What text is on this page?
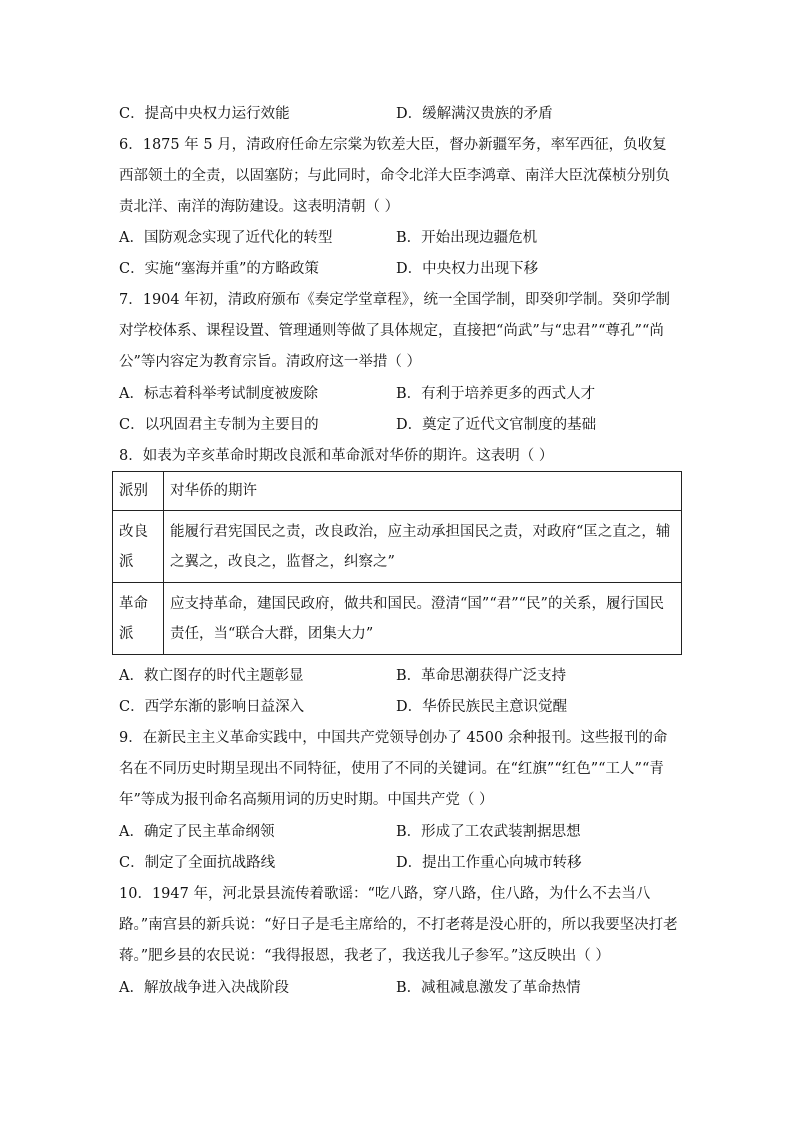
C．提高中央权力运行效能	D．缓解满汉贵族的矛盾
6．1875 年 5 月，清政府任命左宗棠为钦差大臣，督办新疆军务，率军西征，负收复西部领土的全责，以固塞防；与此同时，命令北洋大臣李鸿章、南洋大臣沈葆桢分别负责北洋、南洋的海防建设。这表明清朝（ ）
A．国防观念实现了近代化的转型	B．开始出现边疆危机
C．实施“塞海并重”的方略政策	D．中央权力出现下移
7．1904 年初，清政府颁布《奏定学堂章程》，统一全国学制，即癸卯学制。癸卯学制对学校体系、课程设置、管理通则等做了具体规定，直接把“尚武”与“忠君”“尊孔”“尚公”等内容定为教育宗旨。清政府这一举措（ ）
A．标志着科举考试制度被废除	B．有利于培养更多的西式人才
C．以巩固君主专制为主要目的	D．奠定了近代文官制度的基础
8．如表为辛亥革命时期改良派和革命派对华侨的期许。这表明（ ）
派别	对华侨的期许
改良派	能履行君宪国民之责，改良政治，应主动承担国民之责，对政府“匡之直之，辅之翼之，改良之，监督之，纠察之”
革命派	应支持革命，建国民政府，做共和国民。澄清“国”“君”“民”的关系，履行国民责任，当“联合大群，团集大力”
A．救亡图存的时代主题彰显	B．革命思潮获得广泛支持
C．西学东渐的影响日益深入	D．华侨民族民主意识觉醒
9．在新民主主义革命实践中，中国共产党领导创办了 4500 余种报刊。这些报刊的命名在不同历史时期呈现出不同特征，使用了不同的关键词。在“红旗”“红色”“工人”“青年”等成为报刊命名高频用词的历史时期。中国共产党（ ）
A．确定了民主革命纲领	B．形成了工农武装割据思想
C．制定了全面抗战路线	D．提出工作重心向城市转移
10．1947 年，河北景县流传着歌谣：“吃八路，穿八路，住八路，为什么不去当八路。”南宫县的新兵说：“好日子是毛主席给的，不打老蒋是没心肝的，所以我要坚决打老蒋。”肥乡县的农民说：“我得报恩，我老了，我送我儿子参军。”这反映出（ ）
A．解放战争进入决战阶段	B．减租减息激发了革命热情
